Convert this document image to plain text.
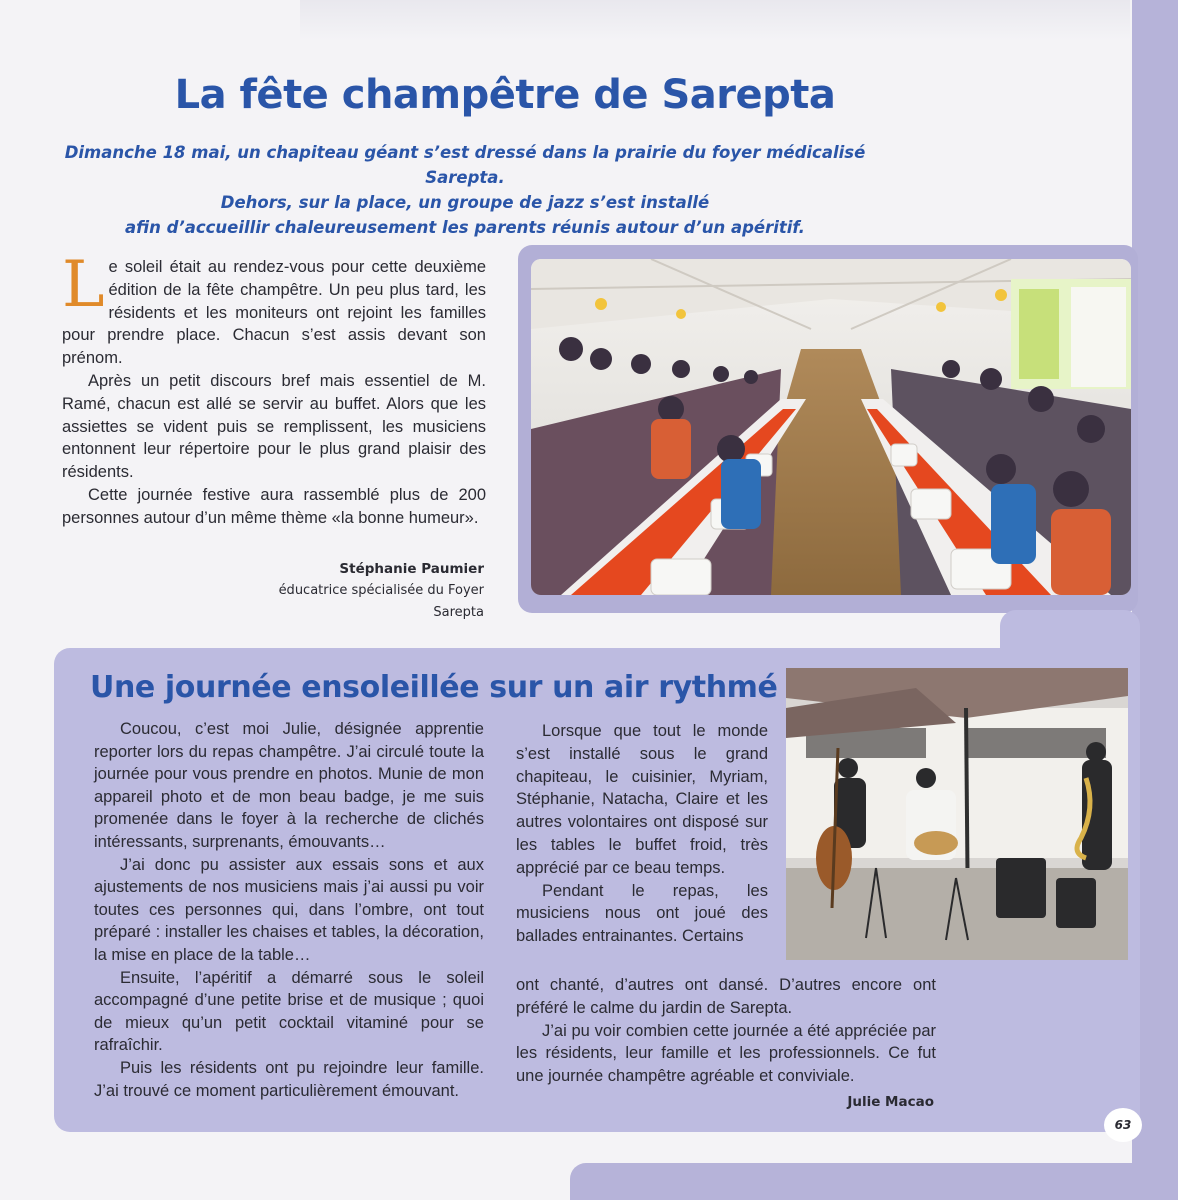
La fête champêtre de Sarepta

Dimanche 18 mai, un chapiteau géant s’est dressé dans la prairie du foyer médicalisé Sarepta.

Dehors, sur la place, un groupe de jazz s’est installé

afin d’accueillir chaleureusement les parents réunis autour d’un apéritif.

Le soleil était au rendez-vous pour cette deuxième édition de la fête champêtre. Un peu plus tard, les résidents et les moniteurs ont rejoint les familles pour prendre place. Chacun s’est assis devant son prénom.

Après un petit discours bref mais essentiel de M. Ramé, chacun est allé se servir au buffet. Alors que les assiettes se vident puis se remplissent, les musiciens entonnent leur répertoire pour le plus grand plaisir des résidents.

Cette journée festive aura rassemblé plus de 200 personnes autour d’un même thème «la bonne humeur».

Stéphanie Paumier
éducatrice spécialisée du Foyer Sarepta
Une journée ensoleillée sur un air rythmé

Coucou, c’est moi Julie, désignée apprentie reporter lors du repas champêtre. J’ai circulé toute la journée pour vous prendre en photos. Munie de mon appareil photo et de mon beau badge, je me suis promenée dans le foyer à la recherche de clichés intéressants, surprenants, émouvants…

J’ai donc pu assister aux essais sons et aux ajustements de nos musiciens mais j’ai aussi pu voir toutes ces personnes qui, dans l’ombre, ont tout préparé : installer les chaises et tables, la décoration, la mise en place de la table…

Ensuite, l’apéritif a démarré sous le soleil accompagné d’une petite brise et de musique ; quoi de mieux qu’un petit cocktail vitaminé pour se rafraîchir.

Puis les résidents ont pu rejoindre leur famille. J’ai trouvé ce moment particulièrement émouvant.

Lorsque que tout le monde s’est installé sous le grand chapiteau, le cuisinier, Myriam, Stéphanie, Natacha, Claire et les autres volontaires ont disposé sur les tables le buffet froid, très apprécié par ce beau temps.

Pendant le repas, les musiciens nous ont joué des ballades entrainantes. Certains

ont chanté, d’autres ont dansé. D’autres encore ont préféré le calme du jardin de Sarepta.

J’ai pu voir combien cette journée a été appréciée par les résidents, leur famille et les professionnels. Ce fut une journée champêtre agréable et conviviale.

Julie Macao
63
